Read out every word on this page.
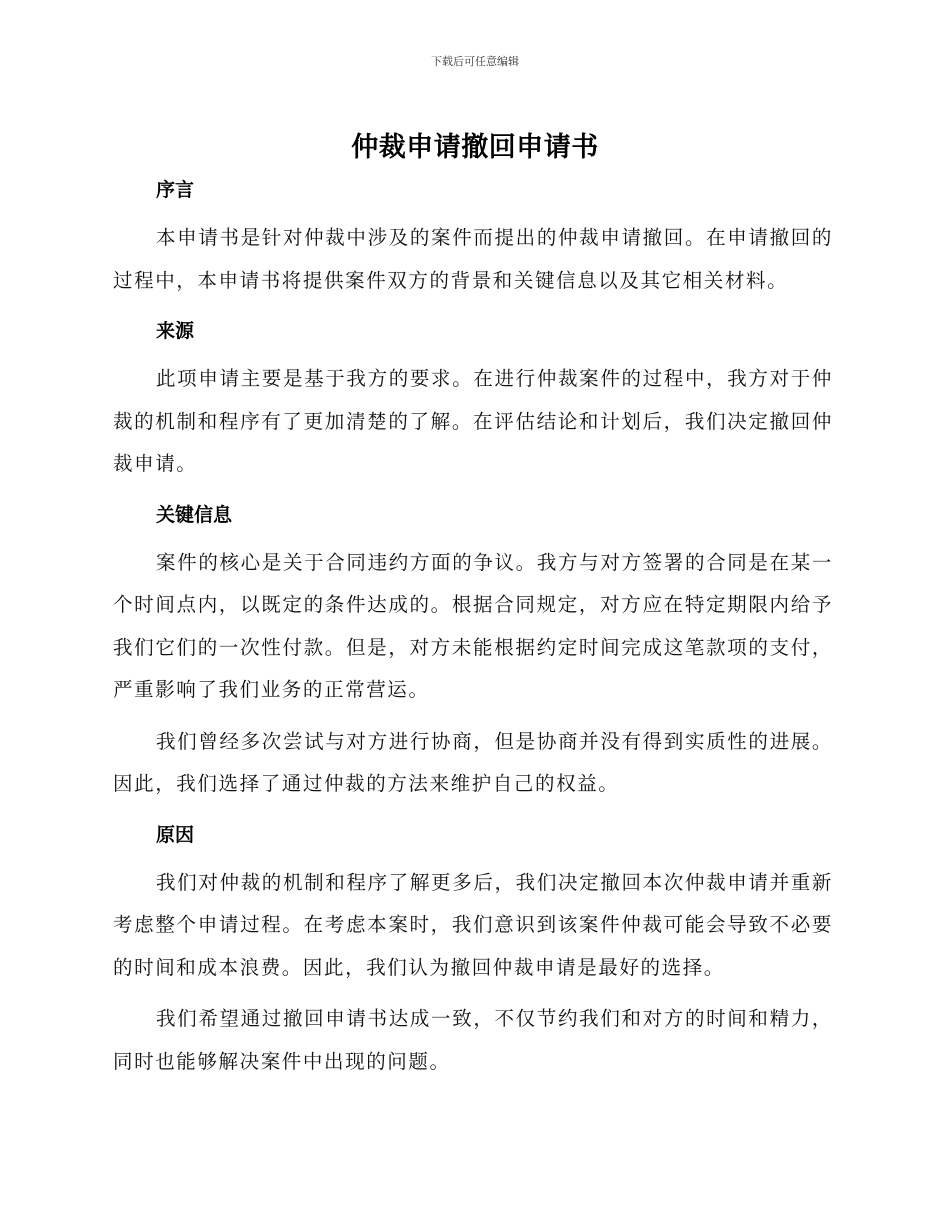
下载后可任意编辑
仲裁申请撤回申请书
序言

本申请书是针对仲裁中涉及的案件而提出的仲裁申请撤回。在申请撤回的过程中，本申请书将提供案件双方的背景和关键信息以及其它相关材料。

来源

此项申请主要是基于我方的要求。在进行仲裁案件的过程中，我方对于仲裁的机制和程序有了更加清楚的了解。在评估结论和计划后，我们决定撤回仲裁申请。

关键信息

案件的核心是关于合同违约方面的争议。我方与对方签署的合同是在某一个时间点内，以既定的条件达成的。根据合同规定，对方应在特定期限内给予我们它们的一次性付款。但是，对方未能根据约定时间完成这笔款项的支付，严重影响了我们业务的正常营运。

我们曾经多次尝试与对方进行协商，但是协商并没有得到实质性的进展。因此，我们选择了通过仲裁的方法来维护自己的权益。

原因

我们对仲裁的机制和程序了解更多后，我们决定撤回本次仲裁申请并重新考虑整个申请过程。在考虑本案时，我们意识到该案件仲裁可能会导致不必要的时间和成本浪费。因此，我们认为撤回仲裁申请是最好的选择。

我们希望通过撤回申请书达成一致，不仅节约我们和对方的时间和精力，同时也能够解决案件中出现的问题。
